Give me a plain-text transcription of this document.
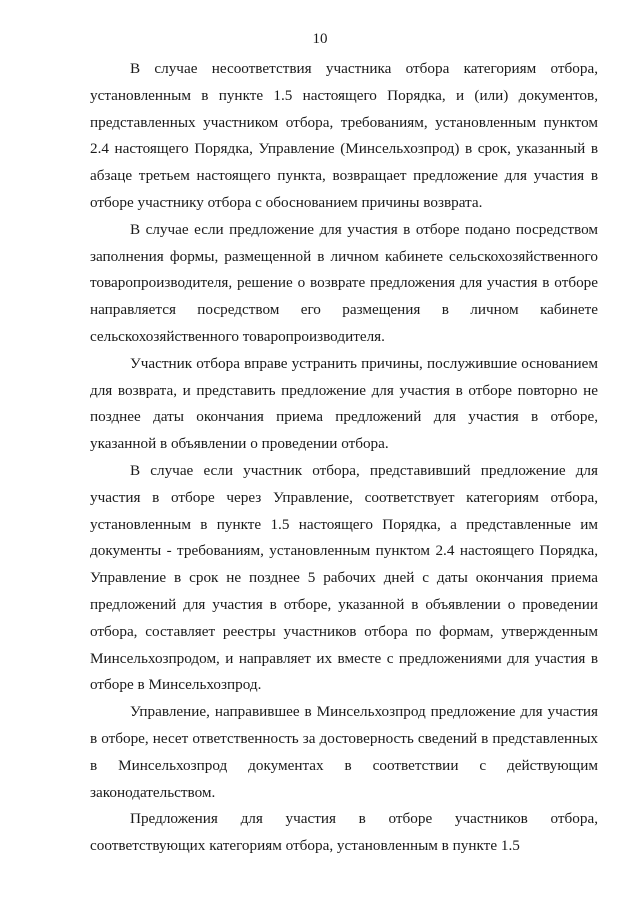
10

В случае несоответствия участника отбора категориям отбора, установленным в пункте 1.5 настоящего Порядка, и (или) документов, представленных участником отбора, требованиям, установленным пунктом 2.4 настоящего Порядка, Управление (Минсельхозпрод) в срок, указанный в абзаце третьем настоящего пункта, возвращает предложение для участия в отборе участнику отбора с обоснованием причины возврата.

В случае если предложение для участия в отборе подано посредством заполнения формы, размещенной в личном кабинете сельскохозяйственного товаропроизводителя, решение о возврате предложения для участия в отборе направляется посредством его размещения в личном кабинете сельскохозяйственного товаропроизводителя.

Участник отбора вправе устранить причины, послужившие основанием для возврата, и представить предложение для участия в отборе повторно не позднее даты окончания приема предложений для участия в отборе, указанной в объявлении о проведении отбора.

В случае если участник отбора, представивший предложение для участия в отборе через Управление, соответствует категориям отбора, установленным в пункте 1.5 настоящего Порядка, а представленные им документы - требованиям, установленным пунктом 2.4 настоящего Порядка, Управление в срок не позднее 5 рабочих дней с даты окончания приема предложений для участия в отборе, указанной в объявлении о проведении отбора, составляет реестры участников отбора по формам, утвержденным Минсельхозпродом, и направляет их вместе с предложениями для участия в отборе в Минсельхозпрод.

Управление, направившее в Минсельхозпрод предложение для участия в отборе, несет ответственность за достоверность сведений в представленных в Минсельхозпрод документах в соответствии с действующим законодательством.

Предложения для участия в отборе участников отбора, соответствующих категориям отбора, установленным в пункте 1.5
